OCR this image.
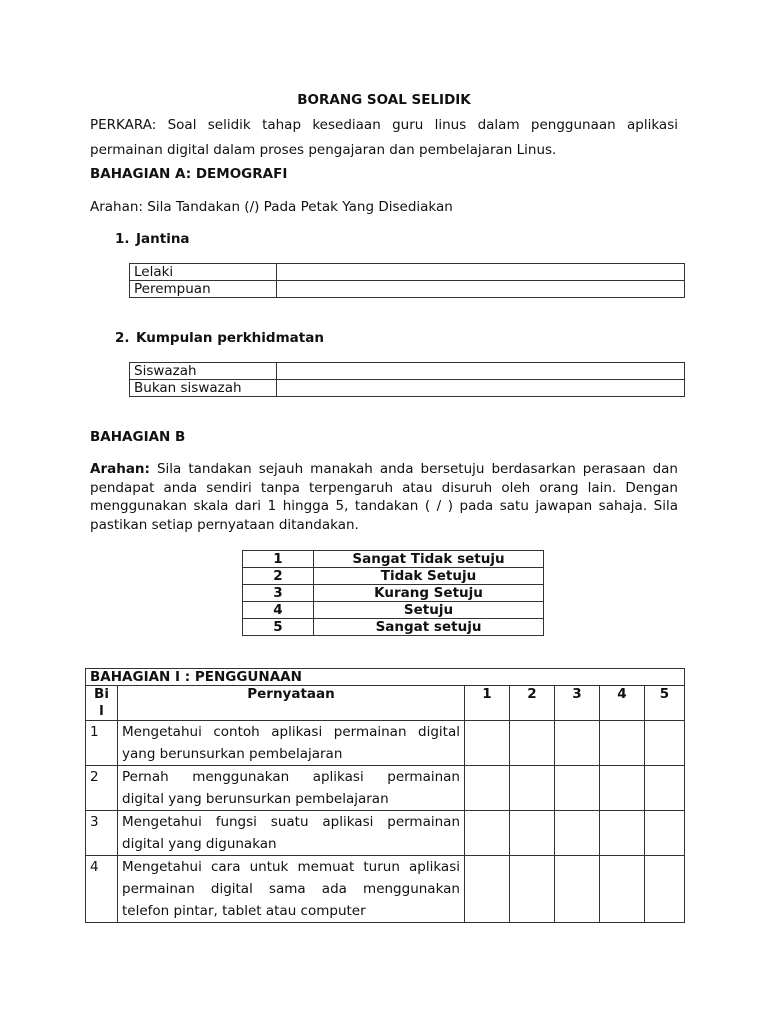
BORANG SOAL SELIDIK
PERKARA: Soal selidik tahap kesediaan guru linus dalam penggunaan aplikasi permainan digital dalam proses pengajaran dan pembelajaran Linus.
BAHAGIAN A: DEMOGRAFI
Arahan: Sila Tandakan (/) Pada Petak Yang Disediakan
1. Jantina
Lelaki	
Perempuan	
2. Kumpulan perkhidmatan
Siswazah	
Bukan siswazah	
BAHAGIAN B
Arahan: Sila tandakan sejauh manakah anda bersetuju berdasarkan perasaan dan pendapat anda sendiri tanpa terpengaruh atau disuruh oleh orang lain. Dengan menggunakan skala dari 1 hingga 5, tandakan ( / ) pada satu jawapan sahaja. Sila pastikan setiap pernyataan ditandakan.
1	Sangat Tidak setuju
2	Tidak Setuju
3	Kurang Setuju
4	Setuju
5	Sangat setuju
BAHAGIAN I : PENGGUNAAN						

Bi
l	Pernyataan	1	2	3	4	5
1	Mengetahui contoh aplikasi permainan digital
yang berunsurkan pembelajaran					

2	Pernah menggunakan aplikasi permainan
digital yang berunsurkan pembelajaran					

3	Mengetahui fungsi suatu aplikasi permainan
digital yang digunakan					

4	Mengetahui cara untuk memuat turun aplikasi
permainan digital sama ada menggunakan
telefon pintar, tablet atau computer					
